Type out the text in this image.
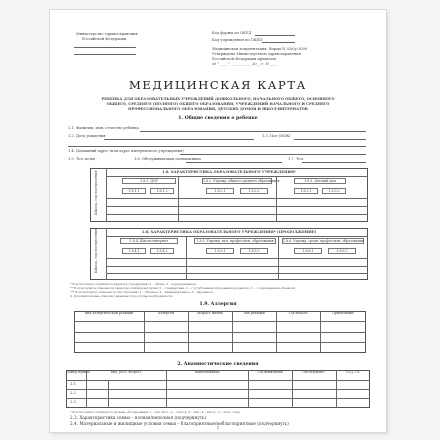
Министерство здравоохранения
Российской Федерации
Код формы по ОКУД
Код учреждения по ОКПО
Медицинская документация. Форма N 026/у-2000
Утверждена Министерством здравоохранения
Российской Федерации приказом
от " ____ " ___________ 20__ г. N ____
МЕДИЦИНСКАЯ КАРТА
РЕБЕНКА ДЛЯ ОБРАЗОВАТЕЛЬНЫХ УЧРЕЖДЕНИЙ ДОШКОЛЬНОГО, НАЧАЛЬНОГО ОБЩЕГО, ОСНОВНОГО
ОБЩЕГО, СРЕДНЕГО (ПОЛНОГО) ОБЩЕГО ОБРАЗОВАНИЯ, УЧРЕЖДЕНИЙ НАЧАЛЬНОГО И СРЕДНЕГО
ПРОФЕССИОНАЛЬНОГО ОБРАЗОВАНИЯ, ДЕТСКИХ ДОМОВ И ШКОЛ-ИНТЕРНАТОВ
1. Общие сведения о ребенке
1.1. Фамилия, имя, отчество ребенка
1.2. Дата рождения	1.3. Пол (М/Ж)
1.4. Домашний адрес (или адрес интернатного учреждения)
1.5. Тел. кг/кв	1.6. Обслуживающая поликлиника	1.7. Тел.
1.8. ХАРАКТЕРИСТИКА ОБРАЗОВАТЕЛЬНОГО УЧРЕЖДЕНИЯ*
Школа, год поступления	1.8.1. ДОУ	1.8.2. Учрежд. общего среднего образования	1.8.3. Детский дом
1.8.1.1	1.8.1.2	1.8.2.1	1.8.2.2	1.8.3.1	1.8.3.2
1.8. ХАРАКТЕРИСТИКА ОБРАЗОВАТЕЛЬНОГО УЧРЕЖДЕНИЯ* (ПРОДОЛЖЕНИЕ)
Школа, год поступления	1.8.4. Школа-интернат	1.8.5. Учрежд. нач. профессион. образования	1.8.6. Учрежд. средн. профессион. образования
1.8.4.1	1.8.4.2	1.8.5.1	1.8.5.2	1.8.6.1	1.8.6.2
* В этом пункте отмечается характер учреждения (1 – общее, 2 – коррекционное).
** В этом пункте отмечается характер учебной нагрузки (1 – стандартная, 2 – с углубленным изучением предметов, 3 – с сокращенным объемом).
*** В этом пункте отмечается тип обучения (1 – обычное, 2 – индивидуальное, 3 – надомное).
4. Дополнительные отметки указываются в случае необходимости.
1.9. Аллергия
Вид аллергической реакции	Аллерген	Возраст жизни	Тип реакции	Год начала	Примечание
2. Анамнестические сведения
Номер пункта	Вид, рост, возраст	Наименование	Год выявления	Обследовано*	УЗД, Гл.
2.1.
2.2.
2.3.
* В этом пункте отмечается уровень обследования: 1 – без обсл., 2 – осмотр, 3 – лаб., 4 – инстр., 5 – конс. спец.
2.3. Характеристика семьи – полная/неполная (подчеркнуть)
2.4. Материальные и жилищные условия семьи – благоприятные/неблагоприятные (подчеркнуть)
1
